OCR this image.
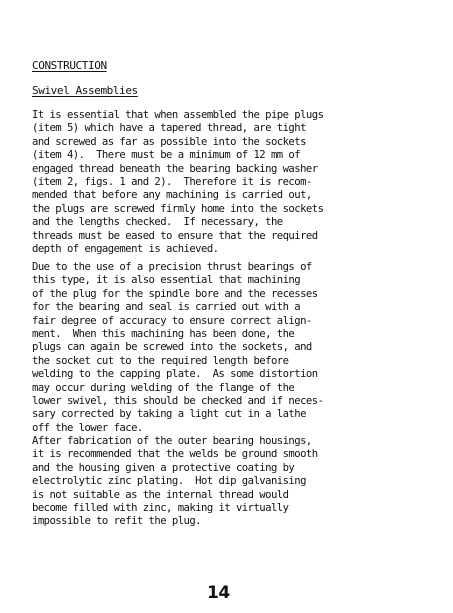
CONSTRUCTION
Swivel Assemblies
It is essential that when assembled the pipe plugs
(item 5) which have a tapered thread, are tight
and screwed as far as possible into the sockets
(item 4).  There must be a minimum of 12 mm of
engaged thread beneath the bearing backing washer
(item 2, figs. 1 and 2).  Therefore it is recom-
mended that before any machining is carried out,
the plugs are screwed firmly home into the sockets
and the lengths checked.  If necessary, the
threads must be eased to ensure that the required
depth of engagement is achieved.
Due to the use of a precision thrust bearings of
this type, it is also essential that machining
of the plug for the spindle bore and the recesses
for the bearing and seal is carried out with a
fair degree of accuracy to ensure correct align-
ment.  When this machining has been done, the
plugs can again be screwed into the sockets, and
the socket cut to the required length before
welding to the capping plate.  As some distortion
may occur during welding of the flange of the
lower swivel, this should be checked and if neces-
sary corrected by taking a light cut in a lathe
off the lower face.
After fabrication of the outer bearing housings,
it is recommended that the welds be ground smooth
and the housing given a protective coating by
electrolytic zinc plating.  Hot dip galvanising
is not suitable as the internal thread would
become filled with zinc, making it virtually
impossible to refit the plug.
14
